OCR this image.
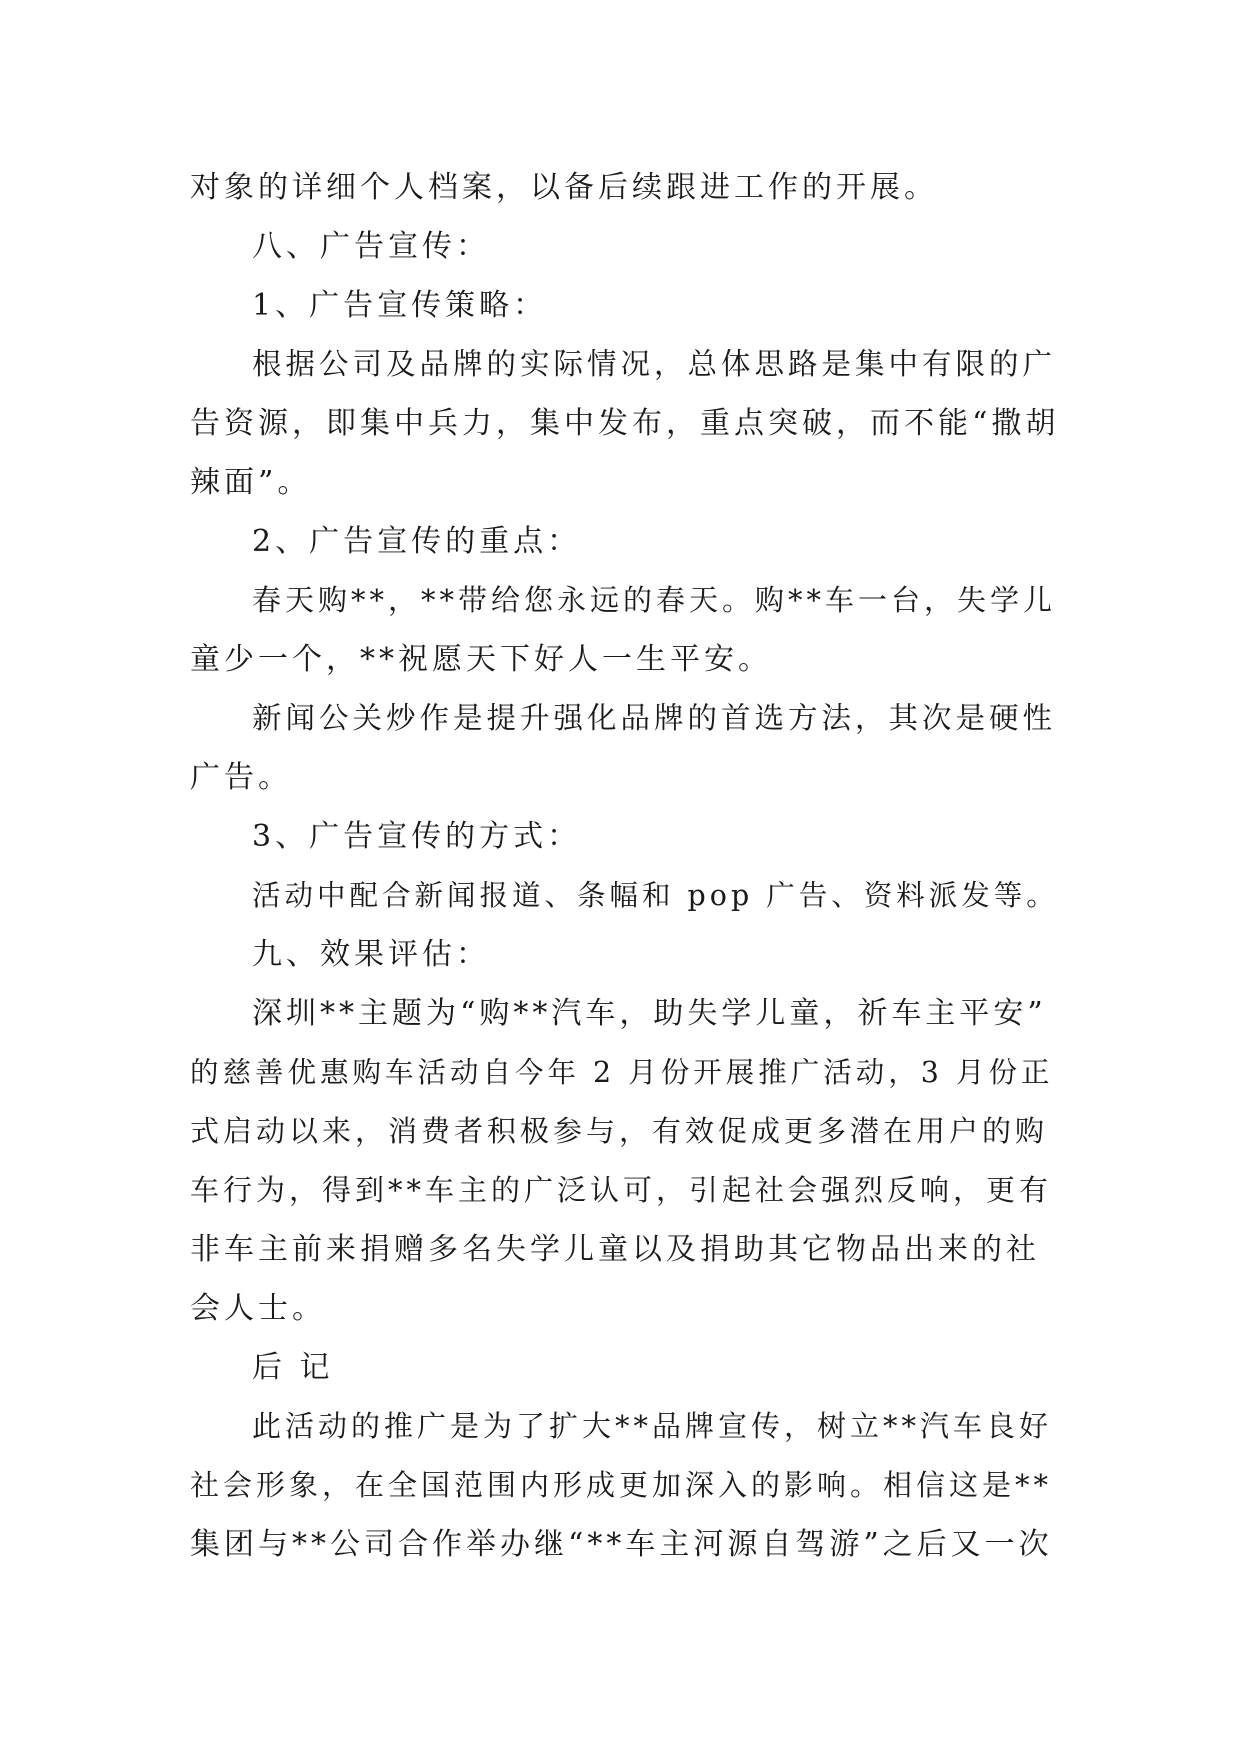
对象的详细个人档案，以备后续跟进工作的开展。
八、广告宣传：
1、广告宣传策略：
根据公司及品牌的实际情况，总体思路是集中有限的广
告资源，即集中兵力，集中发布，重点突破，而不能“撒胡
辣面”。
2、广告宣传的重点：
春天购**，**带给您永远的春天。购**车一台，失学儿
童少一个，**祝愿天下好人一生平安。
新闻公关炒作是提升强化品牌的首选方法，其次是硬性
广告。
3、广告宣传的方式：
活动中配合新闻报道、条幅和 pop 广告、资料派发等。
九、效果评估：
深圳**主题为“购**汽车，助失学儿童，祈车主平安”
的慈善优惠购车活动自今年 2 月份开展推广活动，3 月份正
式启动以来，消费者积极参与，有效促成更多潜在用户的购
车行为，得到**车主的广泛认可，引起社会强烈反响，更有
非车主前来捐赠多名失学儿童以及捐助其它物品出来的社
会人士。
后 记
此活动的推广是为了扩大**品牌宣传，树立**汽车良好
社会形象，在全国范围内形成更加深入的影响。相信这是**
集团与**公司合作举办继“**车主河源自驾游”之后又一次
